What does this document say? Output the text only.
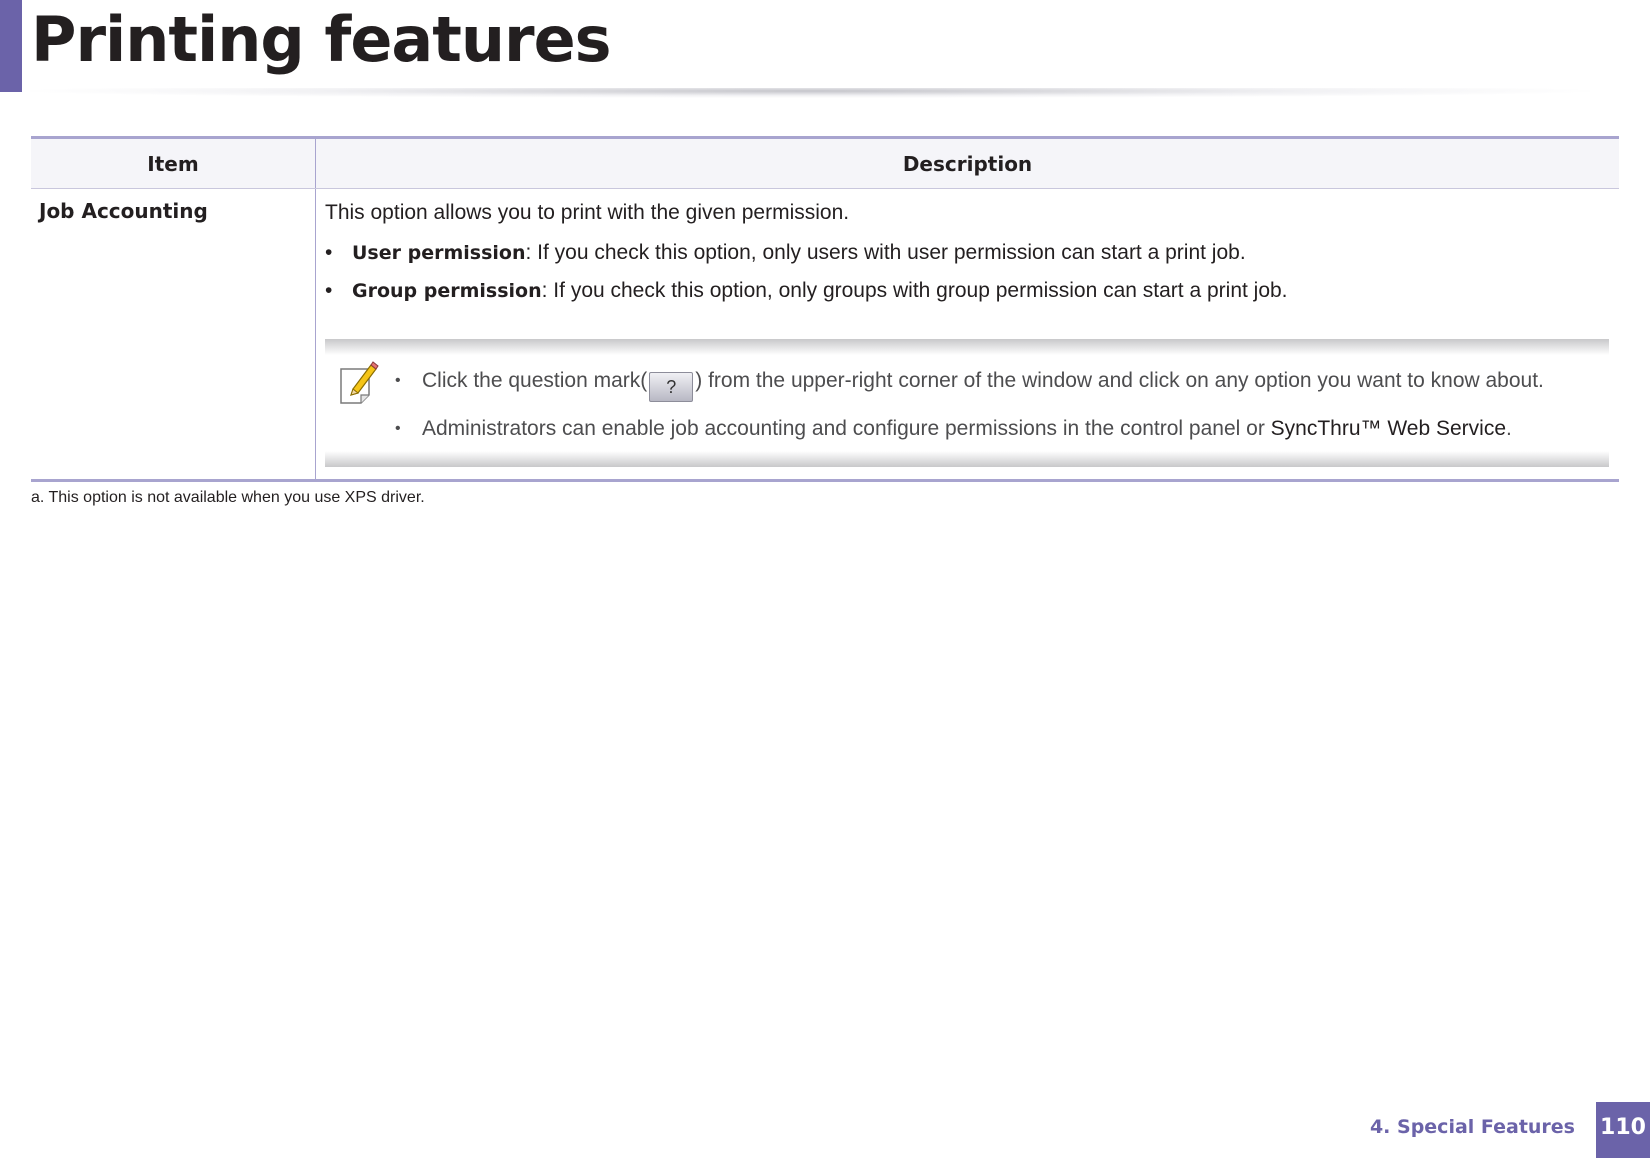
Printing features
Item	Description
Job Accounting	This option allows you to print with the given permission.

•	User permission: If you check this option, only users with user permission can start a print job.
•	Group permission: If you check this option, only groups with group permission can start a print job.
•	Click the question mark( ? ) from the upper-right corner of the window and click on any option you want to know about.
•	Administrators can enable job accounting and configure permissions in the control panel or SyncThru™ Web Service.
a. This option is not available when you use XPS driver.
4. Special Features 110
